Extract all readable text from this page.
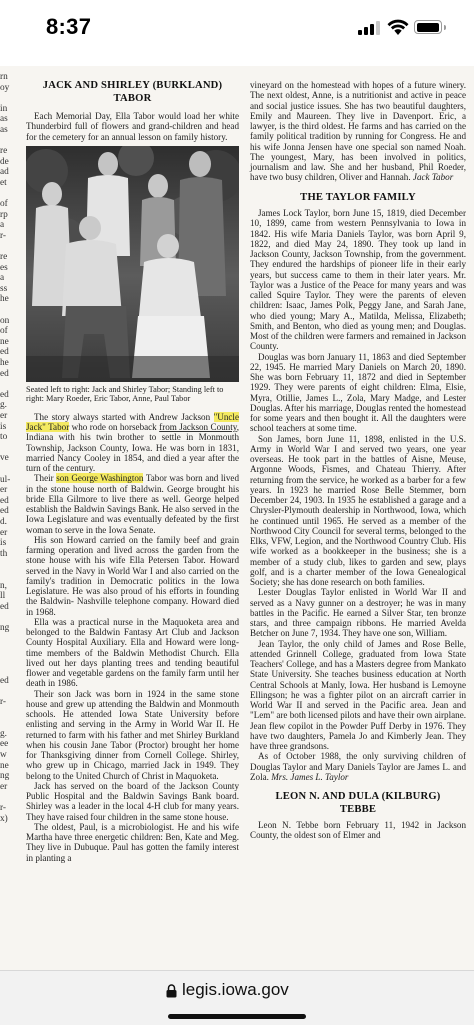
8:37
rn
oy
in
as
as
re
de
ad
et
of
rp
a
r-
re
es
a
ss
he
on
of
ne
ed
he
ed
ed
g.
er
is
to
ve
ul-
er
ed
ed
d.
er
is
th
n,
ll
ed
ng
ed
r-
g.
ee
w
ne
ng
er
r-
x)
JACK AND SHIRLEY (BURKLAND)
TABOR

Each Memorial Day, Ella Tabor would load her white Thunderbird full of flowers and grand-children and head for the cemetery for an annual lesson on family history.

Seated left to right: Jack and Shirley Tabor; Standing left to right: Mary Roeder, Eric Tabor, Anne, Paul Tabor

The story always started with Andrew Jackson "Uncle Jack" Tabor who rode on horseback from Jackson County, Indiana with his twin brother to settle in Monmouth Township, Jackson County, Iowa. He was born in 1831, married Nancy Cooley in 1854, and died a year after the turn of the century.

Their son George Washington Tabor was born and lived in the stone house north of Baldwin. George brought his bride Ella Gilmore to live there as well. George helped establish the Baldwin Savings Bank. He also served in the Iowa Legislature and was eventually defeated by the first woman to serve in the Iowa Senate.

His son Howard carried on the family beef and grain farming operation and lived across the garden from the stone house with his wife Ella Petersen Tabor. Howard served in the Navy in World War I and also carried on the family's tradition in Democratic politics in the Iowa Legislature. He was also proud of his efforts in founding the Baldwin- Nashville telephone company. Howard died in 1968.

Ella was a practical nurse in the Maquoketa area and belonged to the Baldwin Fantasy Art Club and Jackson County Hospital Auxiliary. Ella and Howard were long-time members of the Baldwin Methodist Church. Ella lived out her days planting trees and tending beautiful flower and vegetable gardens on the family farm until her death in 1986.

Their son Jack was born in 1924 in the same stone house and grew up attending the Baldwin and Monmouth schools. He attended Iowa State University before enlisting and serving in the Army in World War II. He returned to farm with his father and met Shirley Burkland when his cousin Jane Tabor (Proctor) brought her home for Thanksgiving dinner from Cornell College. Shirley, who grew up in Chicago, married Jack in 1949. They belong to the United Church of Christ in Maquoketa.

Jack has served on the board of the Jackson County Public Hospital and the Baldwin Savings Bank board. Shirley was a leader in the local 4-H club for many years. They have raised four children in the same stone house.

The oldest, Paul, is a microbiologist. He and his wife Martha have three energetic children: Ben, Kate and Meg. They live in Dubuque. Paul has gotten the family interest in planting a

vineyard on the homestead with hopes of a future winery. The next oldest, Anne, is a nutritionist and active in peace and social justice issues. She has two beautiful daughters, Emily and Maureen. They live in Davenport. Eric, a lawyer, is the third oldest. He farms and has carried on the family political tradition by running for Congress. He and his wife Jonna Jensen have one special son named Noah. The youngest, Mary, has been involved in politics, journalism and law. She and her husband, Phil Roeder, have two busy children, Oliver and Hannah. Jack Tabor

THE TAYLOR FAMILY

James Lock Taylor, born June 15, 1819, died December 10, 1899, came from western Pennsylvania to Iowa in 1842. His wife Maria Daniels Taylor, was born April 9, 1822, and died May 24, 1890. They took up land in Jackson County, Jackson Township, from the government. They endured the hardships of pioneer life in their early years, but success came to them in their later years. Mr. Taylor was a Justice of the Peace for many years and was called Squire Taylor. They were the parents of eleven children: Isaac, James Polk, Peggy Jane, and Sarah Jane, who died young; Mary A., Matilda, Melissa, Elizabeth; Smith, and Benton, who died as young men; and Douglas. Most of the children were farmers and remained in Jackson County.

Douglas was born January 11, 1863 and died September 22, 1945. He married Mary Daniels on March 20, 1890. She was born February 11, 1872 and died in September 1929. They were parents of eight children: Elma, Elsie, Myra, Otillie, James L., Zola, Mary Madge, and Lester Douglas. After his marriage, Douglas rented the homestead for some years and then bought it. All the daughters were school teachers at some time.

Son James, born June 11, 1898, enlisted in the U.S. Army in World War I and served two years, one year overseas. He took part in the battles of Aisne, Meuse, Argonne Woods, Fismes, and Chateau Thierry. After returning from the service, he worked as a barber for a few years. In 1923 he married Rose Belle Stemmer, born December 24, 1903. In 1935 he established a garage and a Chrysler-Plymouth dealership in Northwood, Iowa, which he continued until 1965. He served as a member of the Northwood City Council for several terms, belonged to the Elks, VFW, Legion, and the Northwood Country Club. His wife worked as a bookkeeper in the business; she is a member of a study club, likes to garden and sew, plays golf, and is a charter member of the Iowa Genealogical Society; she has done research on both families.

Lester Douglas Taylor enlisted in World War II and served as a Navy gunner on a destroyer; he was in many battles in the Pacific. He earned a Silver Star, ten bronze stars, and three campaign ribbons. He married Avelda Betcher on June 7, 1934. They have one son, William.

Jean Taylor, the only child of James and Rose Belle, attended Grinnell College, graduated from Iowa State Teachers' College, and has a Masters degree from Mankato State University. She teaches business education at North Central Schools at Manly, Iowa. Her husband is Lemoyne Ellingson; he was a fighter pilot on an aircraft carrier in World War II and served in the Pacific area. Jean and "Lem" are both licensed pilots and have their own airplane. Jean flew copilot in the Powder Puff Derby in 1976. They have two daughters, Pamela Jo and Kimberly Jean. They have three grandsons.

As of October 1988, the only surviving children of Douglas Taylor and Mary Daniels Taylor are James L. and Zola. Mrs. James L. Taylor

LEON N. AND DULA (KILBURG)
TEBBE

Leon N. Tebbe born February 11, 1942 in Jackson County, the oldest son of Elmer and

legis.iowa.gov
